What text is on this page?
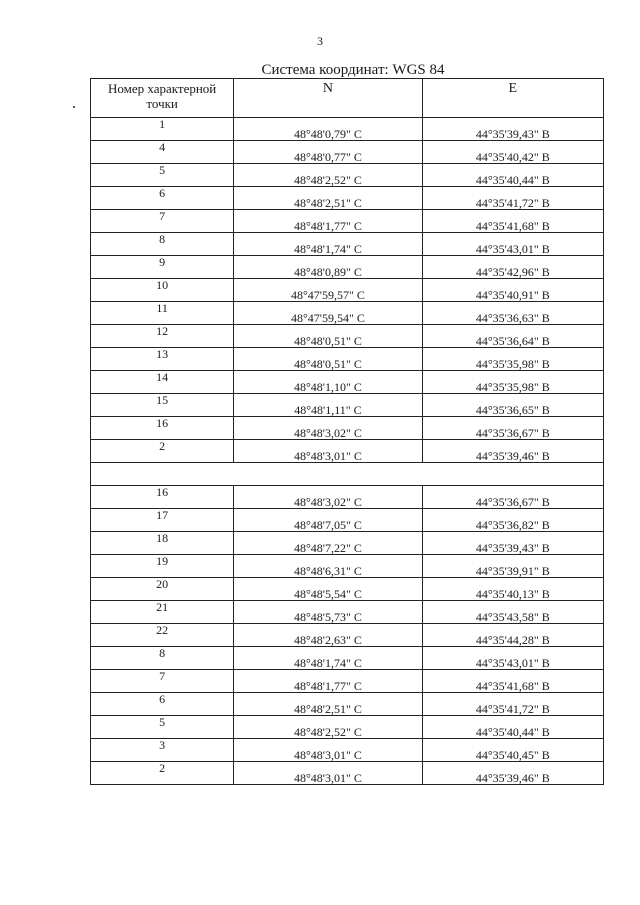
3
Система координат: WGS 84
Номер характерной точки	N	E
1	48°48'0,79" С	44°35'39,43" В
4	48°48'0,77" С	44°35'40,42" В
5	48°48'2,52" С	44°35'40,44" В
6	48°48'2,51" С	44°35'41,72" В
7	48°48'1,77" С	44°35'41,68" В
8	48°48'1,74" С	44°35'43,01" В
9	48°48'0,89" С	44°35'42,96" В
10	48°47'59,57" С	44°35'40,91" В
11	48°47'59,54" С	44°35'36,63" В
12	48°48'0,51" С	44°35'36,64" В
13	48°48'0,51" С	44°35'35,98" В
14	48°48'1,10" С	44°35'35,98" В
15	48°48'1,11" С	44°35'36,65" В
16	48°48'3,02" С	44°35'36,67" В
2	48°48'3,01" С	44°35'39,46" В

16	48°48'3,02" С	44°35'36,67" В
17	48°48'7,05" С	44°35'36,82" В
18	48°48'7,22" С	44°35'39,43" В
19	48°48'6,31" С	44°35'39,91" В
20	48°48'5,54" С	44°35'40,13" В
21	48°48'5,73" С	44°35'43,58" В
22	48°48'2,63" С	44°35'44,28" В
8	48°48'1,74" С	44°35'43,01" В
7	48°48'1,77" С	44°35'41,68" В
6	48°48'2,51" С	44°35'41,72" В
5	48°48'2,52" С	44°35'40,44" В
3	48°48'3,01" С	44°35'40,45" В
2	48°48'3,01" С	44°35'39,46" В
